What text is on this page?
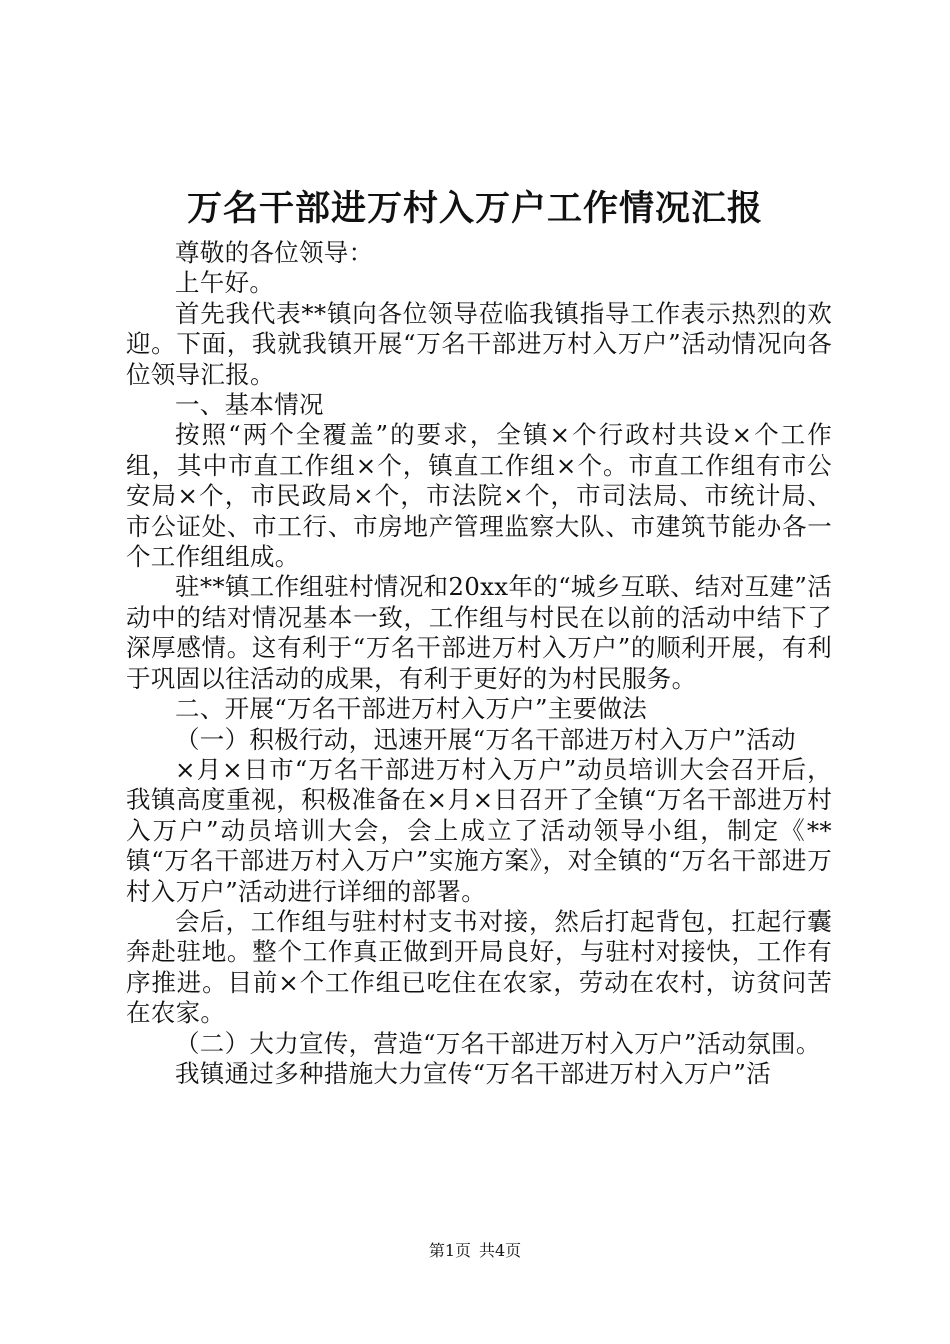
万名干部进万村入万户工作情况汇报

尊敬的各位领导：

上午好。

首先我代表**镇向各位领导莅临我镇指导工作表示热烈的欢迎。下面，我就我镇开展“万名干部进万村入万户”活动情况向各位领导汇报。

一、基本情况

按照“两个全覆盖”的要求，全镇×个行政村共设×个工作组，其中市直工作组×个，镇直工作组×个。市直工作组有市公安局×个，市民政局×个，市法院×个，市司法局、市统计局、市公证处、市工行、市房地产管理监察大队、市建筑节能办各一个工作组组成。

驻**镇工作组驻村情况和20xx年的“城乡互联、结对互建”活动中的结对情况基本一致，工作组与村民在以前的活动中结下了深厚感情。这有利于“万名干部进万村入万户”的顺利开展，有利于巩固以往活动的成果，有利于更好的为村民服务。

二、开展“万名干部进万村入万户”主要做法

（一）积极行动，迅速开展“万名干部进万村入万户”活动

×月×日市“万名干部进万村入万户”动员培训大会召开后，我镇高度重视，积极准备在×月×日召开了全镇“万名干部进万村入万户”动员培训大会，会上成立了活动领导小组，制定《**镇“万名干部进万村入万户”实施方案》，对全镇的“万名干部进万村入万户”活动进行详细的部署。

会后，工作组与驻村村支书对接，然后打起背包，扛起行囊奔赴驻地。整个工作真正做到开局良好，与驻村对接快，工作有序推进。目前×个工作组已吃住在农家，劳动在农村，访贫问苦在农家。

（二）大力宣传，营造“万名干部进万村入万户”活动氛围。

我镇通过多种措施大力宣传“万名干部进万村入万户”活

第1页 共4页
